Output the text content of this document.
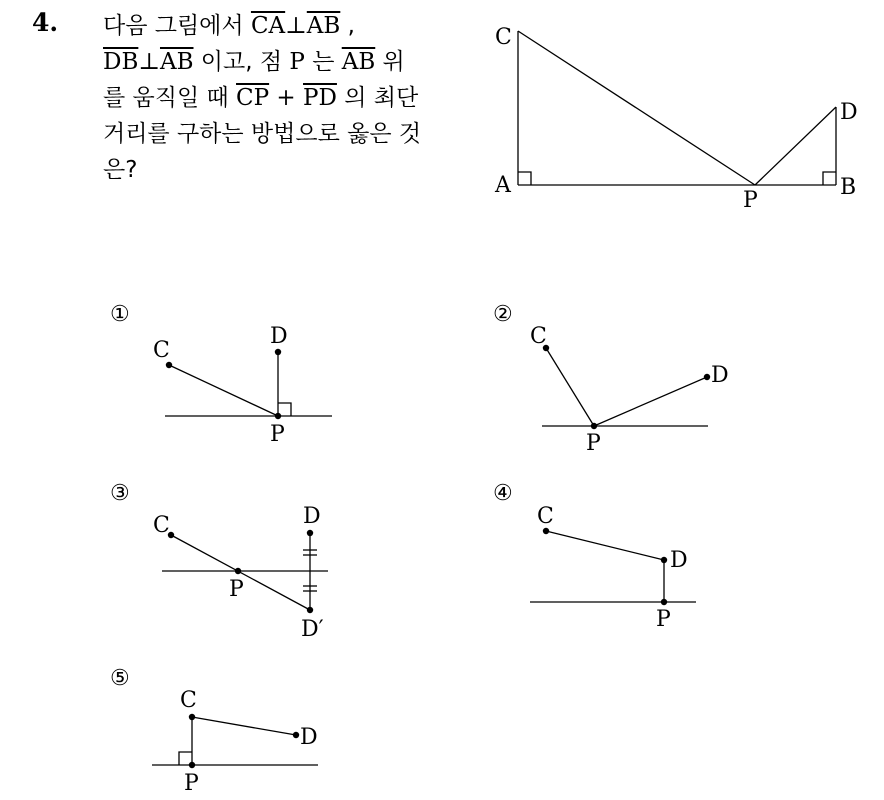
4. 다음 그림에서 $\overline{CA}\perp\overline{AB}$ ,
$\overline{DB}\perp\overline{AB}$ 이고, 점 P 는 $\overline{AB}$ 위
를 움직일 때 $\overline{CP} + \overline{PD}$ 의 최단
거리를 구하는 방법으로 옳은 것
은?
C
A
P
D
B
①
C
D
P
②
C
D
P
③
C	D
P
D′
④
C
D
P
⑤
C
D
P
